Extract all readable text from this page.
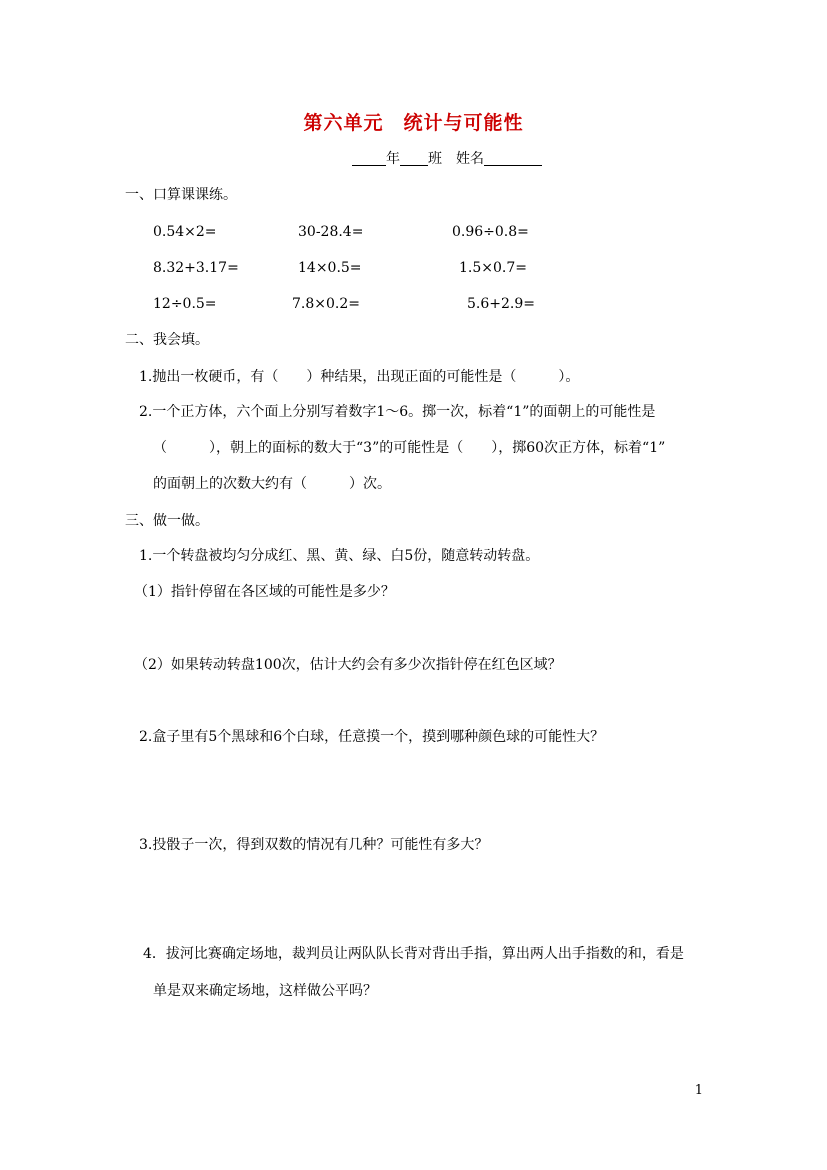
第六单元　统计与可能性
年 班 姓名
一、口算课课练。
0.54×2=	30-28.4=	0.96÷0.8=
8.32+3.17=	14×0.5=	1.5×0.7=
12÷0.5=	7.8×0.2=	5.6+2.9=
二、我会填。
1.抛出一枚硬币，有（　　）种结果，出现正面的可能性是（　　　）。
2.一个正方体，六个面上分别写着数字1～6。掷一次，标着“1”的面朝上的可能性是
（　　　），朝上的面标的数大于“3”的可能性是（　　），掷60次正方体，标着“1”
的面朝上的次数大约有（　　　）次。
三、做一做。
1.一个转盘被均匀分成红、黑、黄、绿、白5份，随意转动转盘。
（1）指针停留在各区域的可能性是多少？
（2）如果转动转盘100次，估计大约会有多少次指针停在红色区域？
2.盒子里有5个黑球和6个白球，任意摸一个，摸到哪种颜色球的可能性大？
3.投骰子一次，得到双数的情况有几种？可能性有多大？
4．拔河比赛确定场地，裁判员让两队队长背对背出手指，算出两人出手指数的和，看是
单是双来确定场地，这样做公平吗？
1
